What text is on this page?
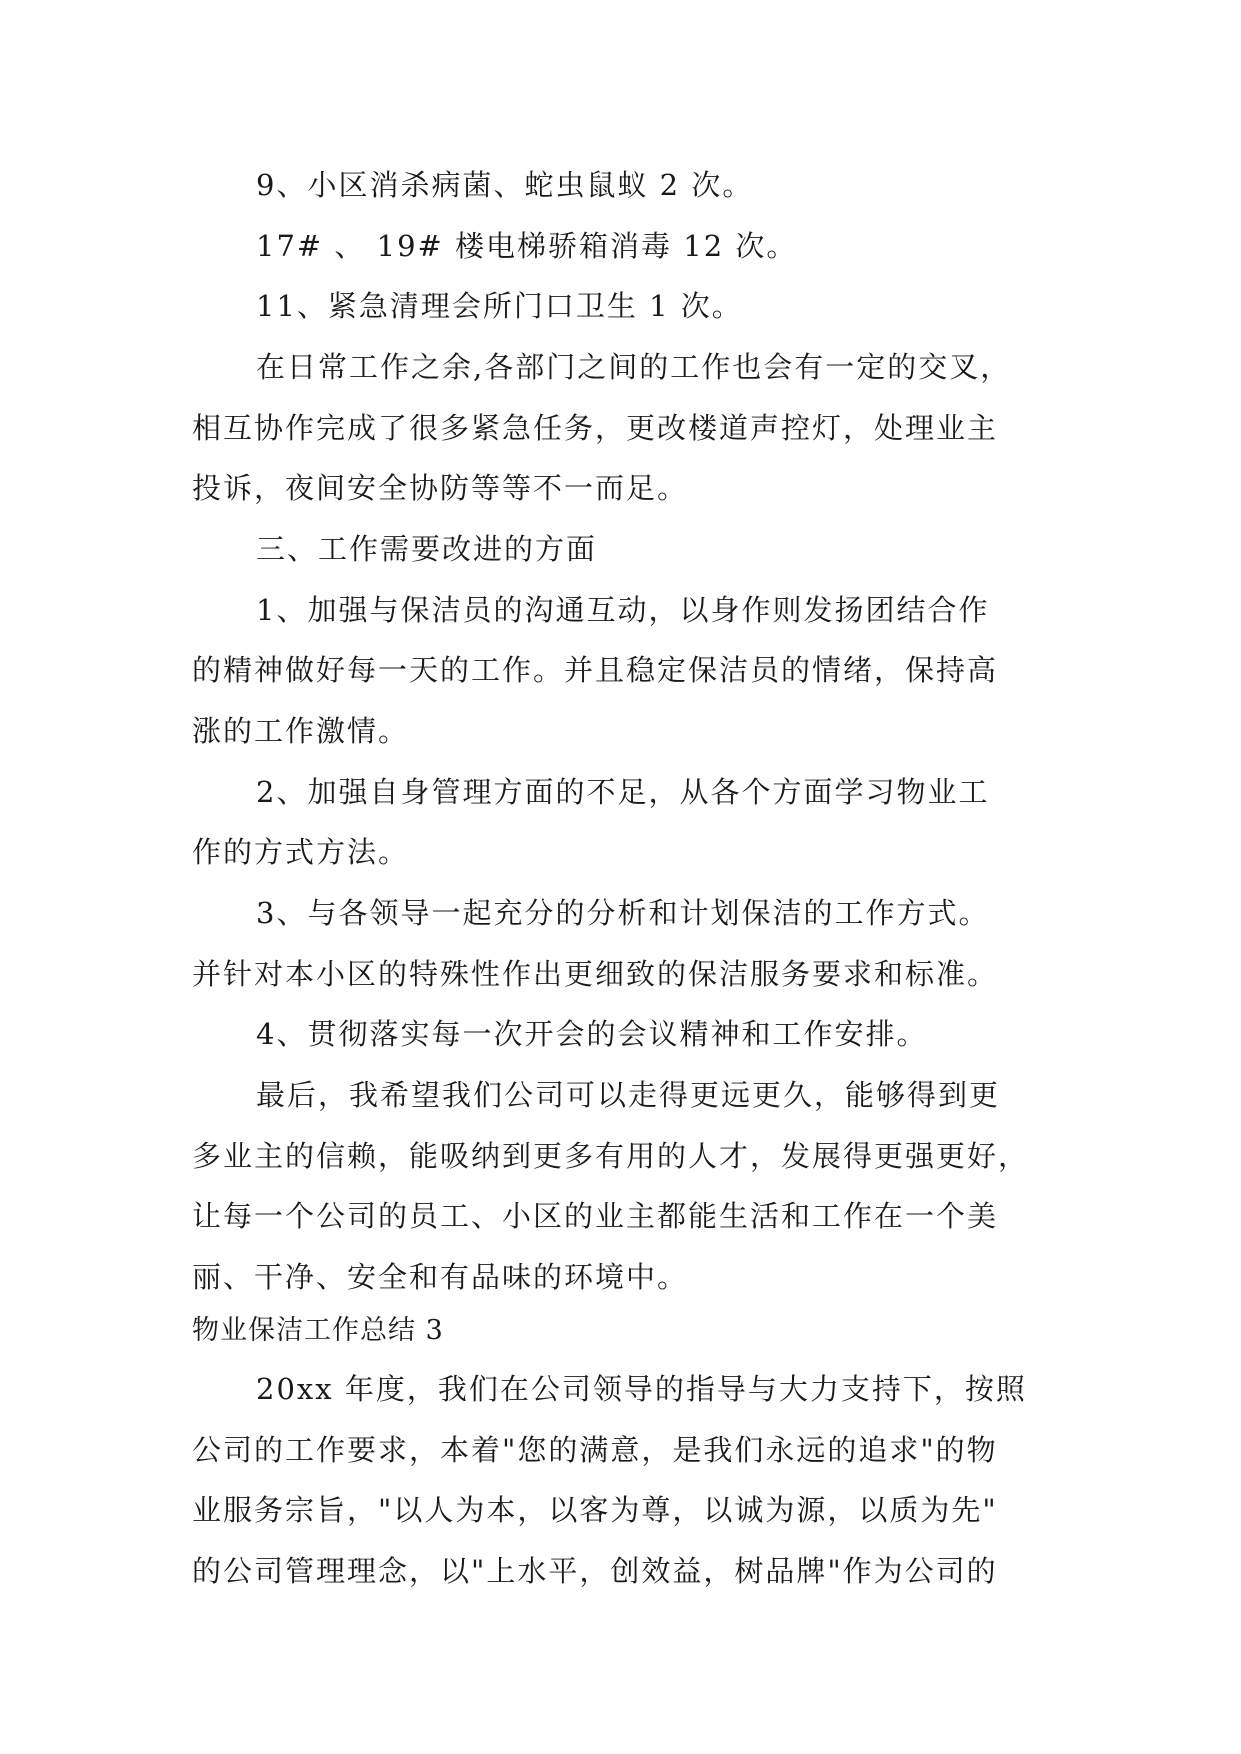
9、小区消杀病菌、蛇虫鼠蚁 2 次。
17# 、 19# 楼电梯骄箱消毒 12 次。
11、紧急清理会所门口卫生 1 次。
在日常工作之余,各部门之间的工作也会有一定的交叉，
相互协作完成了很多紧急任务，更改楼道声控灯，处理业主
投诉，夜间安全协防等等不一而足。
三、工作需要改进的方面
1、加强与保洁员的沟通互动，以身作则发扬团结合作
的精神做好每一天的工作。并且稳定保洁员的情绪，保持高
涨的工作激情。
2、加强自身管理方面的不足，从各个方面学习物业工
作的方式方法。
3、与各领导一起充分的分析和计划保洁的工作方式。
并针对本小区的特殊性作出更细致的保洁服务要求和标准。
4、贯彻落实每一次开会的会议精神和工作安排。
最后，我希望我们公司可以走得更远更久，能够得到更
多业主的信赖，能吸纳到更多有用的人才，发展得更强更好，
让每一个公司的员工、小区的业主都能生活和工作在一个美
丽、干净、安全和有品味的环境中。
物业保洁工作总结 3
20xx 年度，我们在公司领导的指导与大力支持下，按照
公司的工作要求，本着"您的满意，是我们永远的追求"的物
业服务宗旨，"以人为本，以客为尊，以诚为源，以质为先"
的公司管理理念，以"上水平，创效益，树品牌"作为公司的
